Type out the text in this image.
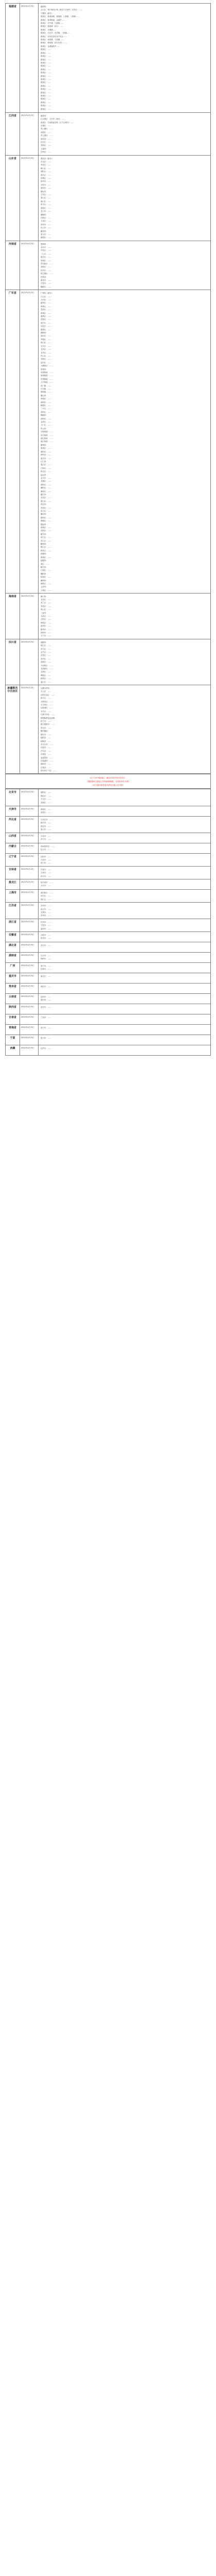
福建省	2022年4月23日	福州市：
仓山区：城门镇各区域（除以下区域外）封控区：……
宁德市（部分）：
蕉城区：蕉城南路、城南镇、七都镇、八都镇……
蕉城区：蕉城街道、金涵乡……
蕉城区：洋中镇、九都镇……
蕉城区：霍童镇（部分）……
蕉城区：赤溪镇……
蕉城区：石后乡、虎贝镇、三都镇……
蕉城区：东侨经济技术开发区……
蕉城区：漳湾镇、飞鸾镇……
蕉城区：城南镇（部分区域）……
蕉城区：金涵畲族乡……
蕉城区：……
蕉城区：……
蕉城区：……
蕉城区：……
蕉城区：……
蕉城区：……
蕉城区：……
蕉城区：……
蕉城区：……
蕉城区：……
蕉城区：……
蕉城区：……
蕉城区：……
蕉城区：……
蕉城区：……
蕉城区：……
蕉城区：……
蕉城区：……
蕉城区：……
江西省	2022年4月23日	南昌市：
红谷滩区：卫东村（新房）……
新建区：长堎街道各路（以下区域外）……
东湖区：……
青山湖区：……
西湖区：……
青云谱区：……
南昌县：……
经开区：……
高新区：……
上饶市：
信州区：……
山东省	2022年4月23日	青岛市（部分）：
市北区：……
李沧区：……
崂山区：……
城阳区：……
黄岛区：……
即墨区：……
胶州市：……
平度市：……
莱西市：……
烟台市：
芝罘区：……
莱山区：……
福山区：……
牟平区：……
蓬莱区：……
龙口市：……
威海市：
环翠区：……
文登区：……
荣成市：……
乳山市：……
潍坊市：
奎文区：……
潍城区：……
河南省	2022年4月23日	郑州市：
金水区：……
中原区：……
二七区：……
惠济区：……
管城区：……
郑东新区：……
高新区：……
经开区：……
航空港区：……
许昌市：
禹州市：……
长葛市：……
魏都区：……
广东省	2022年4月23日	广州市（部分）：
白云区：……
天河区：……
越秀区：……
海珠区：……
荔湾区：……
黄埔区：……
番禺区：……
花都区：……
南沙区：……
从化区：……
增城区：……
深圳市：
福田区：……
罗湖区：……
南山区：……
宝安区：……
龙岗区：……
龙华区：……
坪山区：……
光明区：……
盐田区：……
大鹏新区：……
东莞市：
莞城街道：……
南城街道：……
东城街道：……
万江街道：……
虎门镇：……
长安镇：……
厚街镇：……
佛山市：
禅城区：……
南海区：……
顺德区：……
三水区：……
高明区：……
珠海市：
香洲区：……
金湾区：……
斗门区：……
中山市：
石岐街道：……
东区街道：……
西区街道：……
南区街道：……
惠州市：
惠城区：……
惠阳区：……
博罗县：……
惠东县：……
江门市：
蓬江区：……
江海区：……
新会区：……
汕头市：
金平区：……
龙湖区：……
澄海区：……
潮阳区：……
潮南区：……
湛江市：
赤坎区：……
霞山区：……
茂名市：
茂南区：……
电白区：……
肇庆市：
端州区：……
鼎湖区：……
清远市：
清城区：……
清新区：……
韶关市：
浈江区：……
武江区：……
梅州市：
梅江区：……
梅县区：……
河源市：
源城区：……
汕尾市：
城区：……
阳江市：
江城区：……
揭阳市：
榕城区：……
潮州市：
湘桥区：……
云浮市：
云城区：……
海南省	2022年4月23日	海口市：
龙华区：……
美兰区：……
秀英区：……
琼山区：……
三亚市：
天涯区：……
吉阳区：……
海棠区：……
崖州区：……
儋州市：……
琼海市：……
万宁市：……
四川省	2022年4月23日	成都市：
锦江区：……
青羊区：……
金牛区：……
武侯区：……
成华区：……
高新区：……
天府新区：……
龙泉驿区：……
双流区：……
郫都区：……
新都区：……
温江区：……
新疆维吾尔自治区
2022年4月23日	乌鲁木齐市：
天山区：……
沙依巴克区：……
新市区：……
水磨沟区：……
头屯河区：……
达坂城区：……
米东区：……
乌鲁木齐县：……
伊犁哈萨克自治州：
伊宁市：……
霍尔果斯市：……
奎屯市：……
喀什地区：
喀什市：……
疏附县：……
疏勒县：……
英吉沙县：……
泽普县：……
莎车县：……
叶城县：……
麦盖提县：……
岳普湖县：……
伽师县：……
巴楚县：……
塔什库尔干县：……
以下为中风险地区（截至2022年4月23日）
（根据国家卫健委公布的最新数据，以实际发布为准）
（以下地区如有变动请以当地公告为准）
北京市	2022年4月23日	朝阳区：……
海淀区：……
丰台区：……
西城区：……
天津市	2022年4月23日	津南区：……
西青区：……
河北省	2022年4月23日	石家庄市：……
廊坊市：……
保定市：……
唐山市：……
山西省	2022年4月23日	太原市：……
晋中市：……
内蒙古	2022年4月23日	呼和浩特市：……
包头市：……
辽宁省	2022年4月23日	沈阳市：……
大连市：……
营口市：……
吉林省	2022年4月23日	长春市：……
吉林市：……
四平市：……
黑龙江	2022年4月23日	哈尔滨市：……
大庆市：……
上海市	2022年4月23日	浦东新区：……
闵行区：……
徐汇区：……
江苏省	2022年4月23日	苏州市：……
南京市：……
无锡市：……
常州市：……
浙江省	2022年4月23日	杭州市：……
宁波市：……
温州市：……
安徽省	2022年4月23日	合肥市：……
宿州市：……
湖北省	2022年4月23日	武汉市：……
湖南省	2022年4月23日	长沙市：……
株洲市：……
广西	2022年4月23日	南宁市：……
桂林市：……
重庆市	2022年4月23日	渝北区：……
贵州省	2022年4月23日	贵阳市：……
云南省	2022年4月23日	昆明市：……
德宏州：……
陕西省	2022年4月23日	西安市：……
甘肃省	2022年4月23日	兰州市：……
青海省	2022年4月23日	西宁市：……
宁夏	2022年4月23日	银川市：……
西藏	2022年4月23日	拉萨市：……
